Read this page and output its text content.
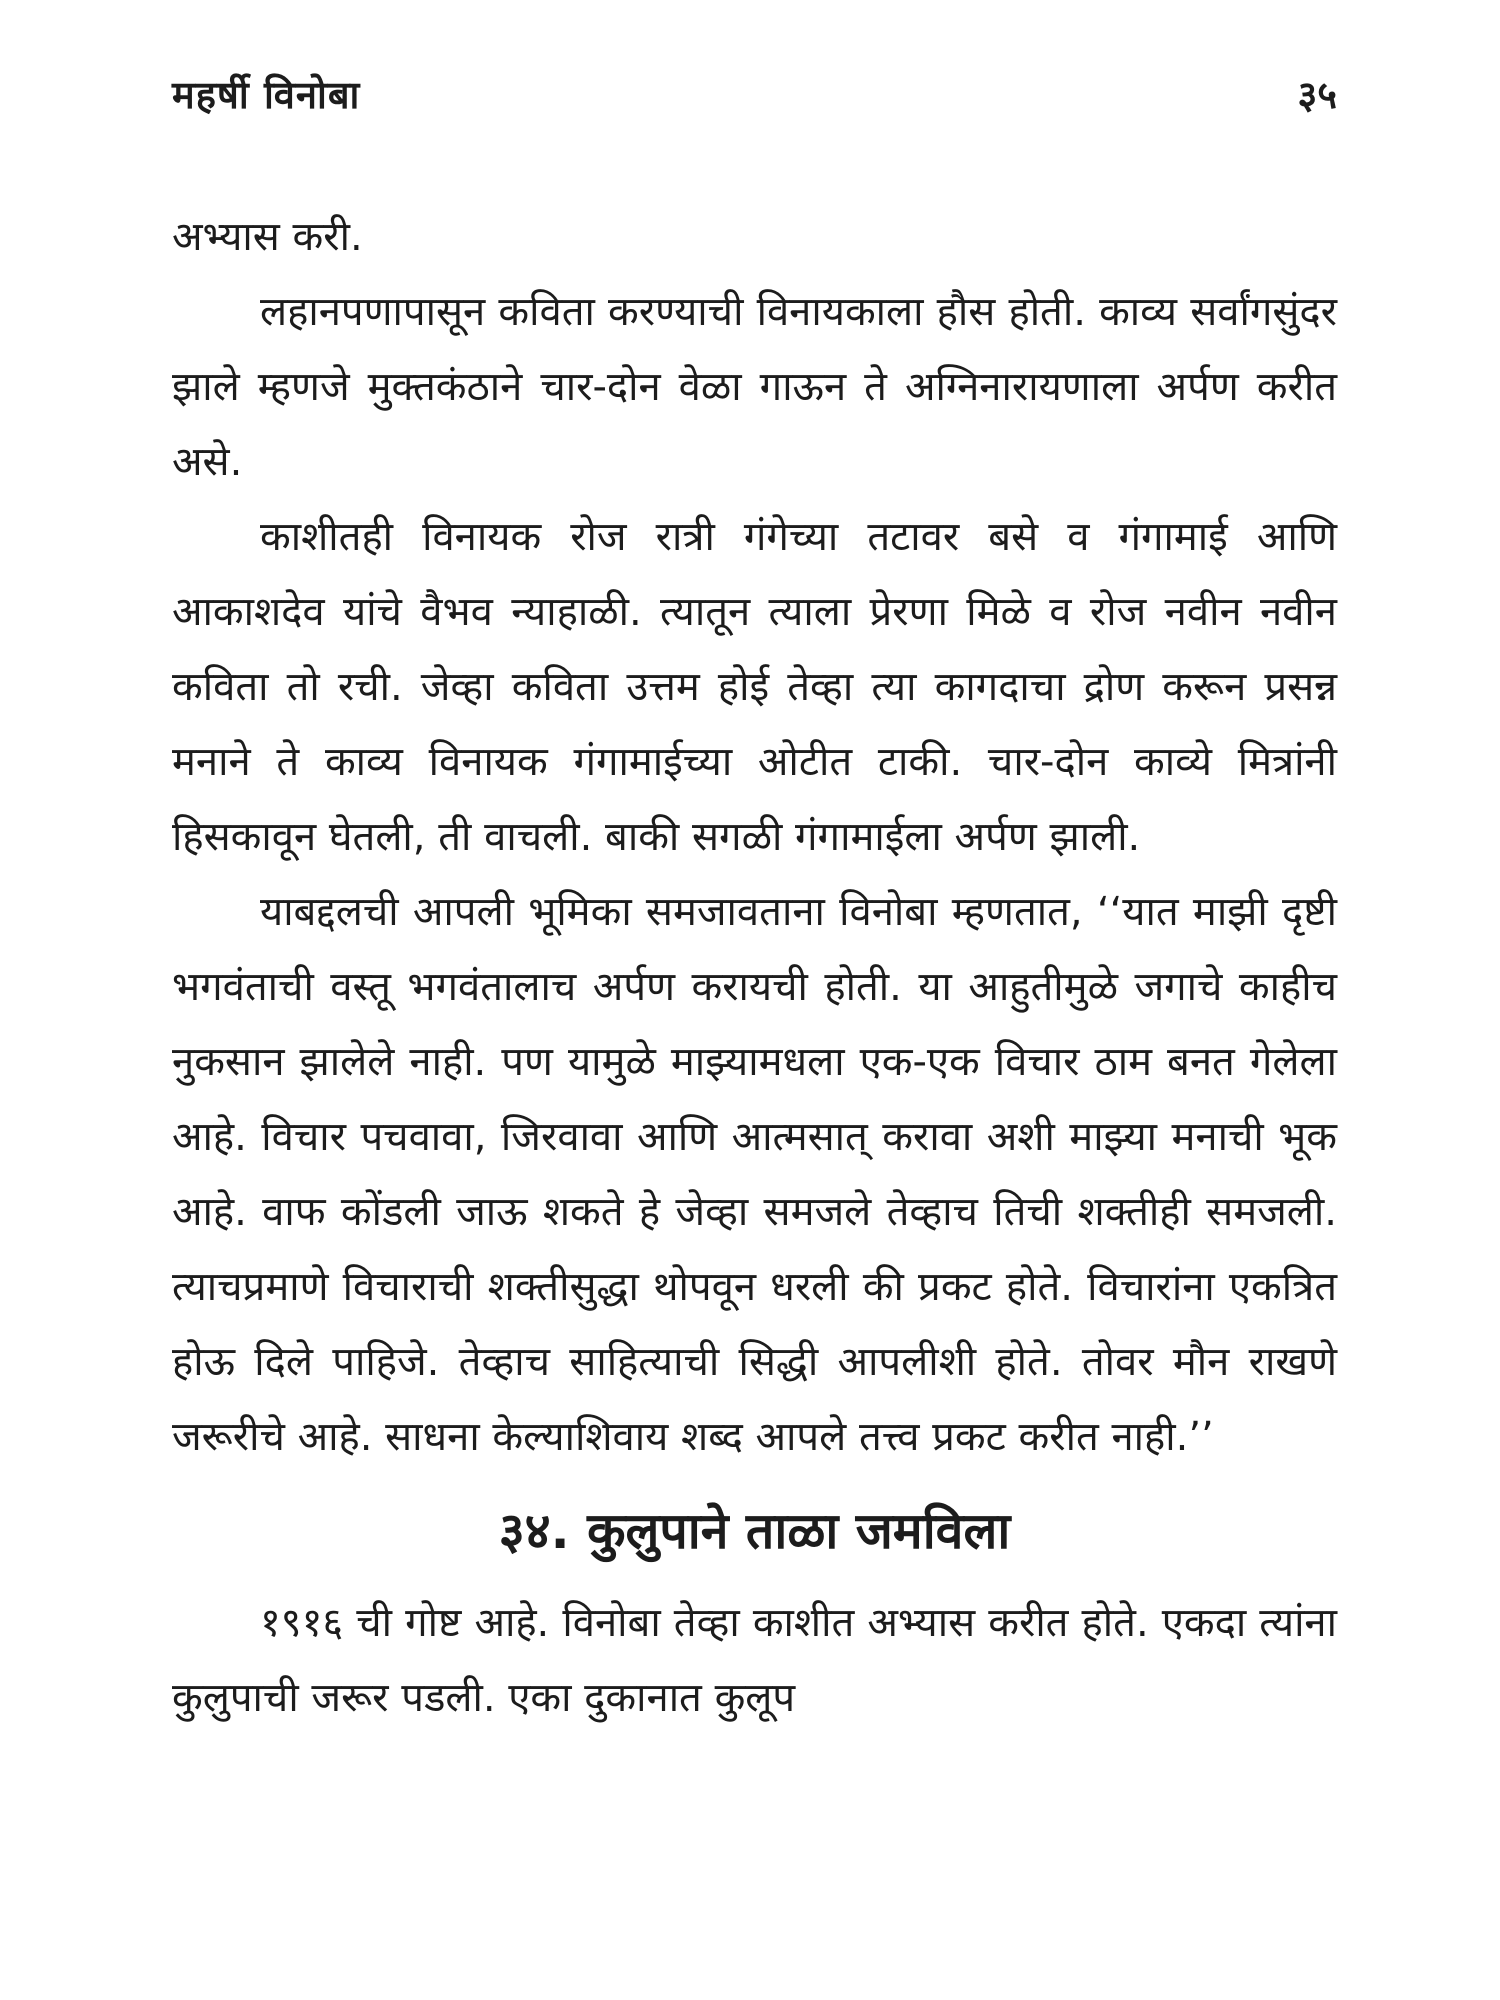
महर्षी विनोबा	३५

अभ्यास करी.

लहानपणापासून कविता करण्याची विनायकाला हौस होती. काव्य सर्वांगसुंदर झाले म्हणजे मुक्तकंठाने चार-दोन वेळा गाऊन ते अग्निनारायणाला अर्पण करीत असे.

काशीतही विनायक रोज रात्री गंगेच्या तटावर बसे व गंगामाई आणि आकाशदेव यांचे वैभव न्याहाळी. त्यातून त्याला प्रेरणा मिळे व रोज नवीन नवीन कविता तो रची. जेव्हा कविता उत्तम होई तेव्हा त्या कागदाचा द्रोण करून प्रसन्न मनाने ते काव्य विनायक गंगामाईच्या ओटीत टाकी. चार-दोन काव्ये मित्रांनी हिसकावून घेतली, ती वाचली. बाकी सगळी गंगामाईला अर्पण झाली.

याबद्दलची आपली भूमिका समजावताना विनोबा म्हणतात, ‘‘यात माझी दृष्टी भगवंताची वस्तू भगवंतालाच अर्पण करायची होती. या आहुतीमुळे जगाचे काहीच नुकसान झालेले नाही. पण यामुळे माझ्यामधला एक-एक विचार ठाम बनत गेलेला आहे. विचार पचवावा, जिरवावा आणि आत्मसात् करावा अशी माझ्या मनाची भूक आहे. वाफ कोंडली जाऊ शकते हे जेव्हा समजले तेव्हाच तिची शक्तीही समजली. त्याचप्रमाणे विचाराची शक्तीसुद्धा थोपवून धरली की प्रकट होते. विचारांना एकत्रित होऊ दिले पाहिजे. तेव्हाच साहित्याची सिद्धी आपलीशी होते. तोवर मौन राखणे जरूरीचे आहे. साधना केल्याशिवाय शब्द आपले तत्त्व प्रकट करीत नाही.’’

३४. कुलुपाने ताळा जमविला

१९१६ ची गोष्ट आहे. विनोबा तेव्हा काशीत अभ्यास करीत होते. एकदा त्यांना कुलुपाची जरूर पडली. एका दुकानात कुलूप
